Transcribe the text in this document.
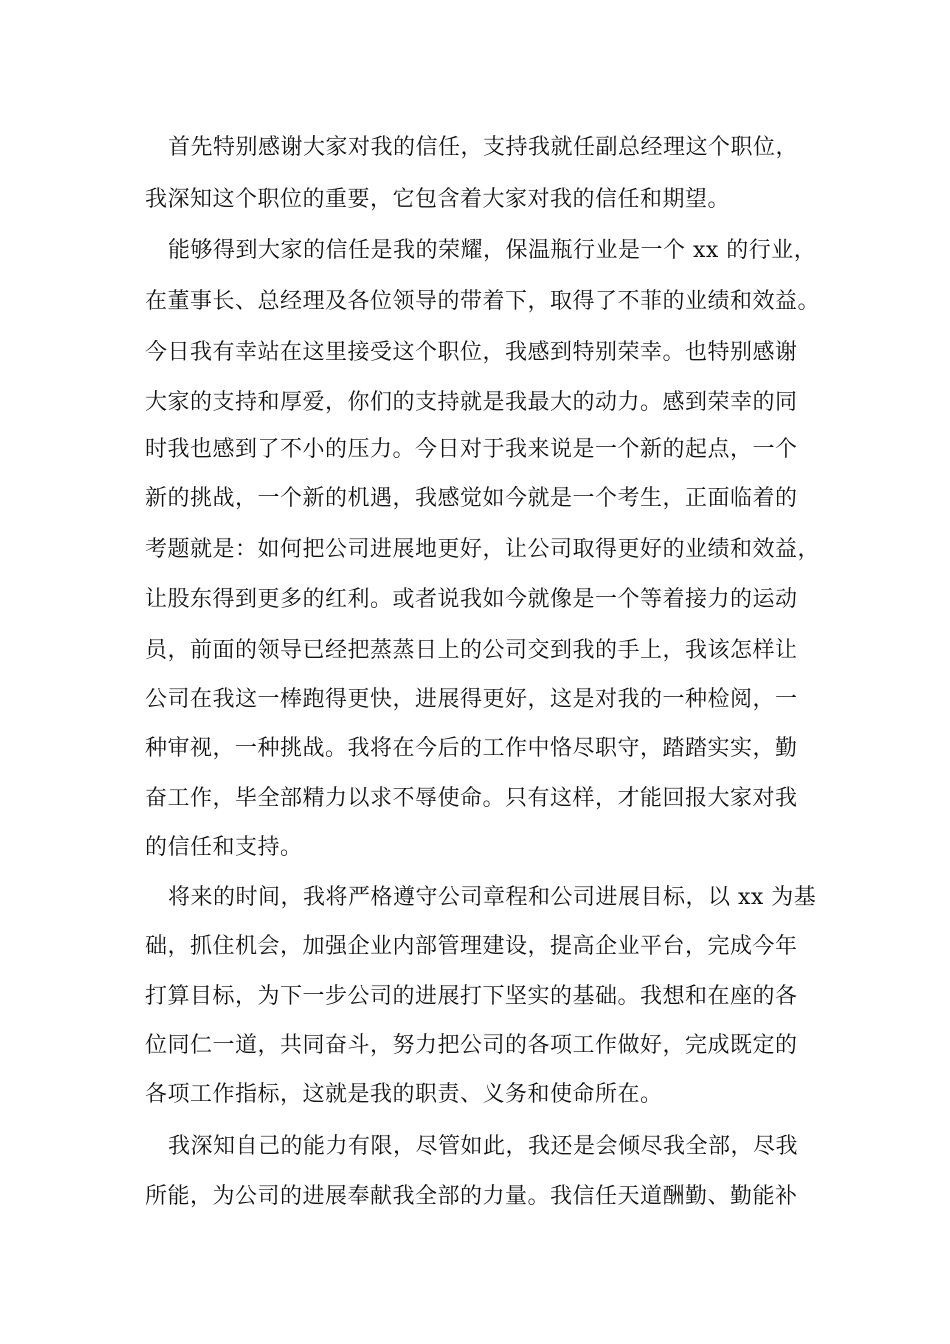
首先特别感谢大家对我的信任，支持我就任副总经理这个职位，
我深知这个职位的重要，它包含着大家对我的信任和期望。
能够得到大家的信任是我的荣耀，保温瓶行业是一个 xx 的行业，
在董事长、总经理及各位领导的带着下，取得了不菲的业绩和效益。
今日我有幸站在这里接受这个职位，我感到特别荣幸。也特别感谢
大家的支持和厚爱，你们的支持就是我最大的动力。感到荣幸的同
时我也感到了不小的压力。今日对于我来说是一个新的起点，一个
新的挑战，一个新的机遇，我感觉如今就是一个考生，正面临着的
考题就是：如何把公司进展地更好，让公司取得更好的业绩和效益，
让股东得到更多的红利。或者说我如今就像是一个等着接力的运动
员，前面的领导已经把蒸蒸日上的公司交到我的手上，我该怎样让
公司在我这一棒跑得更快，进展得更好，这是对我的一种检阅，一
种审视，一种挑战。我将在今后的工作中恪尽职守，踏踏实实，勤
奋工作，毕全部精力以求不辱使命。只有这样，才能回报大家对我
的信任和支持。
将来的时间，我将严格遵守公司章程和公司进展目标，以 xx 为基
础，抓住机会，加强企业内部管理建设，提高企业平台，完成今年
打算目标，为下一步公司的进展打下坚实的基础。我想和在座的各
位同仁一道，共同奋斗，努力把公司的各项工作做好，完成既定的
各项工作指标，这就是我的职责、义务和使命所在。
我深知自己的能力有限，尽管如此，我还是会倾尽我全部，尽我
所能，为公司的进展奉献我全部的力量。我信任天道酬勤、勤能补
